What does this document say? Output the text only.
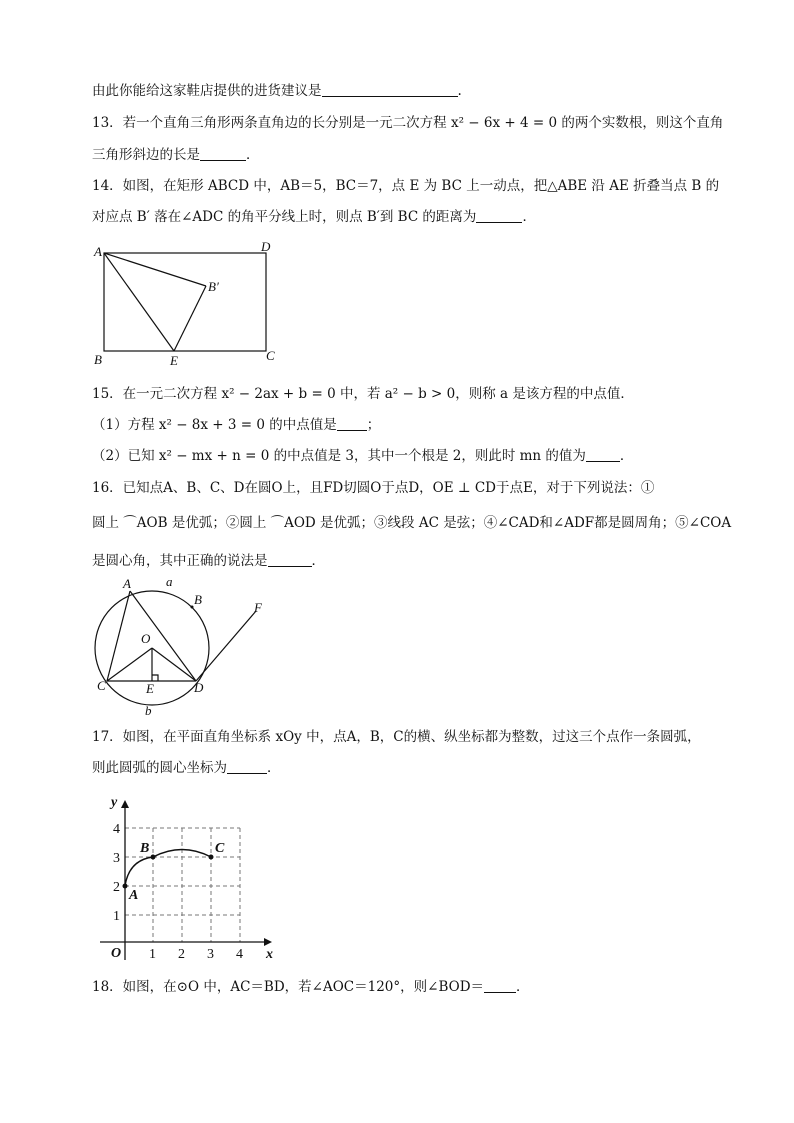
由此你能给这家鞋店提供的进货建议是	.
13．若一个直角三角形两条直角边的长分别是一元二次方程 x² − 6x + 4 = 0 的两个实数根，则这个直角
三角形斜边的长是	．
14．如图，在矩形 ABCD 中，AB＝5，BC＝7，点 E 为 BC 上一动点，把△ABE 沿 AE 折叠当点 B 的
对应点 B′ 落在∠ADC 的角平分线上时，则点 B′到 BC 的距离为	．
A	D
B	C
E
B′
15．在一元二次方程 x² − 2ax + b = 0 中，若 a² − b > 0，则称 a 是该方程的中点值．
（1）方程 x² − 8x + 3 = 0 的中点值是 ；
（2）已知 x² − mx + n = 0 的中点值是 3，其中一个根是 2，则此时 mn 的值为	．
16．已知点A、B、C、D在圆O上，且FD切圆O于点D，OE ⊥ CD于点E，对于下列说法：①
圆上 ⌒AOB 是优弧；②圆上 ⌒AOD 是优弧；③线段 AC 是弦；④∠CAD和∠ADF都是圆周角；⑤∠COA
是圆心角，其中正确的说法是	．
A	a
B
F
O
C	E	D
b
17．如图，在平面直角坐标系 xOy 中，点A，B，C的横、纵坐标都为整数，过这三个点作一条圆弧，
则此圆弧的圆心坐标为	．
y
x
O 1 2 3 4
1
2
3
4
A
B	C
18．如图，在⊙O 中，AC＝BD，若∠AOC＝120°，则∠BOD＝ ．
